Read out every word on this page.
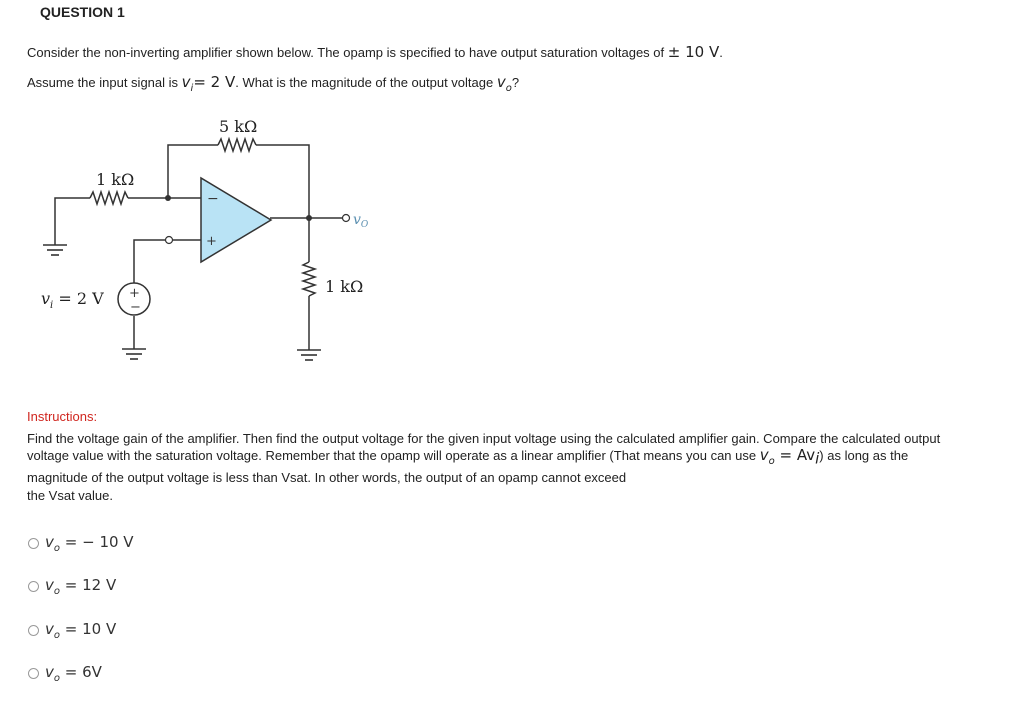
QUESTION 1
Consider the non-inverting amplifier shown below. The opamp is specified to have output saturation voltages of ± 10 V.
Assume the input signal is $v_i= 2$ V. What is the magnitude of the output voltage $v_o$?
−
+
+
−
5 kΩ
1 kΩ
1 kΩ
$v_i = 2$ V
$v_O$
Instructions:
Find the voltage gain of the amplifier. Then find the output voltage for the given input voltage using the calculated amplifier gain. Compare the calculated output voltage value with the saturation voltage. Remember that the opamp will operate as a linear amplifier (That means you can use $v_o = Av_i$) as long as the magnitude of the output voltage is less than Vsat. In other words, the output of an opamp cannot exceed
the Vsat value.
$v_o$ = − 10 V
$v_o = 12$ V
$v_o = 10$ V
$v_o = 6V$
